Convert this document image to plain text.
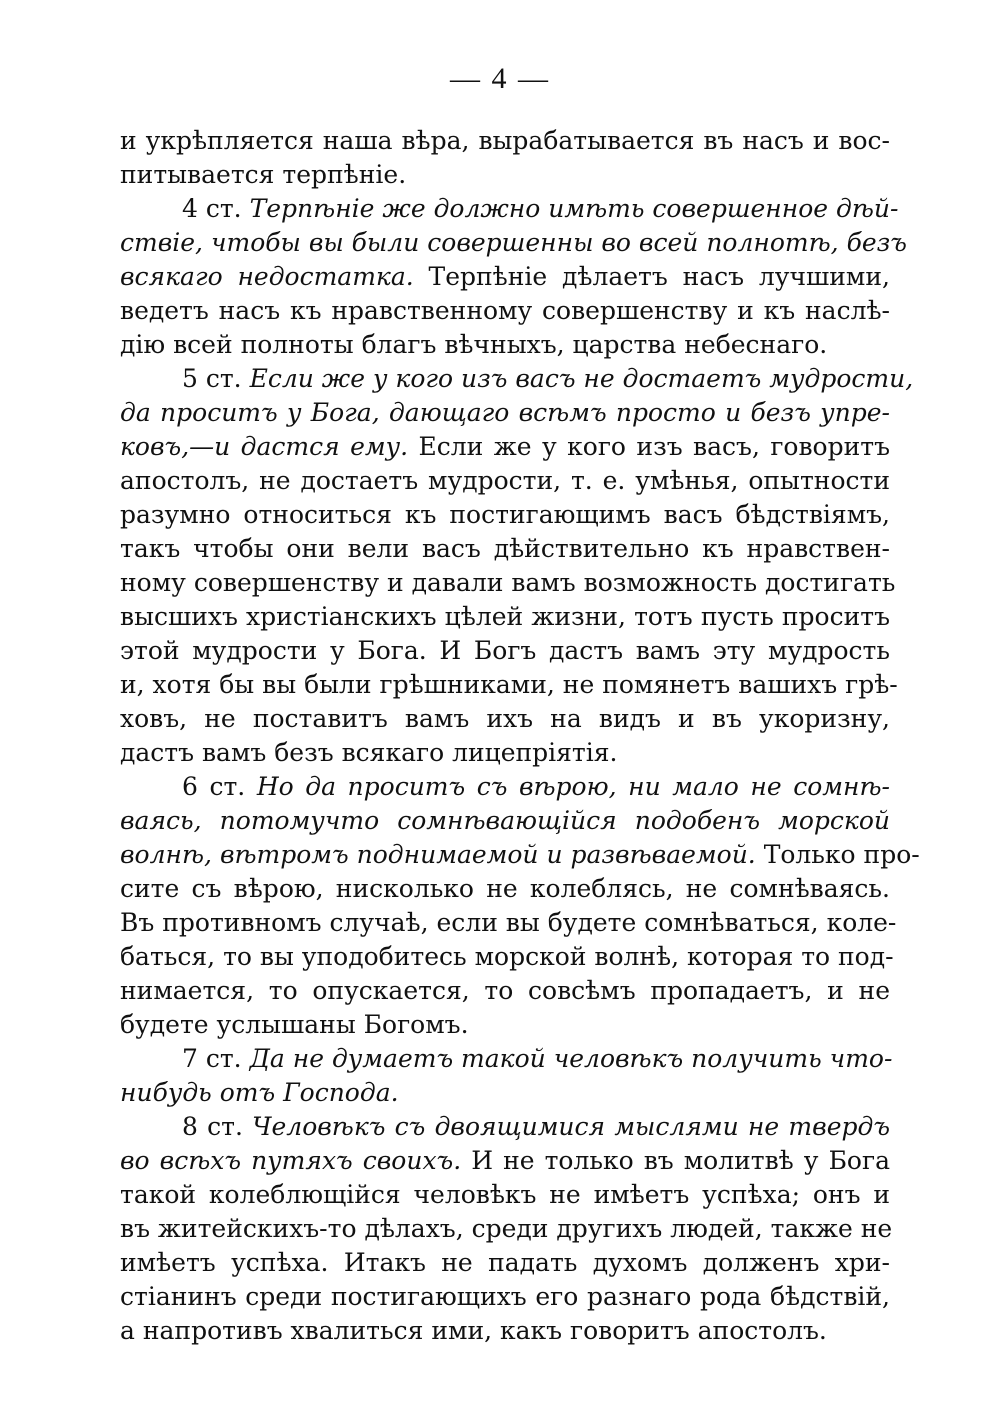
— 4 —
и укрѣпляется наша вѣра, вырабатывается въ насъ и вос-
питывается терпѣніе.
4 ст. Терпѣніе же должно имѣть совершенное дѣй-
ствіе, чтобы вы были совершенны во всей полнотѣ, безъ
всякаго недостатка. Терпѣніе дѣлаетъ насъ лучшими,
ведетъ насъ къ нравственному совершенству и къ наслѣ-
дію всей полноты благъ вѣчныхъ, царства небеснаго.
5 ст. Если же у кого изъ васъ не достаетъ мудрости,
да проситъ у Бога, дающаго всѣмъ просто и безъ упре-
ковъ,—и дастся ему. Если же у кого изъ васъ, говоритъ
апостолъ, не достаетъ мудрости, т. е. умѣнья, опытности
разумно относиться къ постигающимъ васъ бѣдствіямъ,
такъ чтобы они вели васъ дѣйствительно къ нравствен-
ному совершенству и давали вамъ возможность достигать
высшихъ христіанскихъ цѣлей жизни, тотъ пусть проситъ
этой мудрости у Бога. И Богъ дастъ вамъ эту мудрость
и, хотя бы вы были грѣшниками, не помянетъ вашихъ грѣ-
ховъ, не поставитъ вамъ ихъ на видъ и въ укоризну,
дастъ вамъ безъ всякаго лицепріятія.
6 ст. Но да проситъ съ вѣрою, ни мало не сомнѣ-
ваясь, потомучто сомнѣвающійся подобенъ морской
волнѣ, вѣтромъ поднимаемой и развѣваемой. Только про-
сите съ вѣрою, нисколько не колеблясь, не сомнѣваясь.
Въ противномъ случаѣ, если вы будете сомнѣваться, коле-
баться, то вы уподобитесь морской волнѣ, которая то под-
нимается, то опускается, то совсѣмъ пропадаетъ, и не
будете услышаны Богомъ.
7 ст. Да не думаетъ такой человѣкъ получить что-
нибудь отъ Господа.
8 ст. Человѣкъ съ двоящимися мыслями не твердъ
во всѣхъ путяхъ своихъ. И не только въ молитвѣ у Бога
такой колеблющійся человѣкъ не имѣетъ успѣха; онъ и
въ житейскихъ-то дѣлахъ, среди другихъ людей, также не
имѣетъ успѣха. Итакъ не падать духомъ долженъ хри-
стіанинъ среди постигающихъ его разнаго рода бѣдствій,
а напротивъ хвалиться ими, какъ говоритъ апостолъ.
